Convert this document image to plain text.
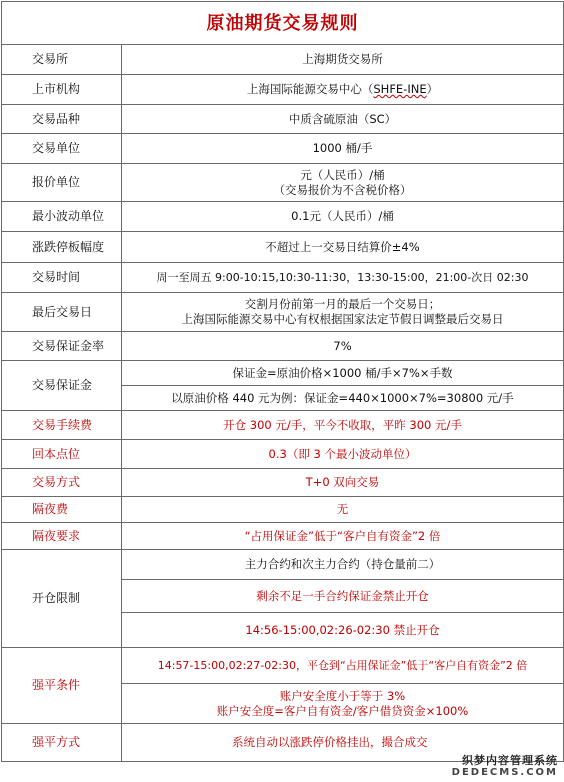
原油期货交易规则	
交易所	上海期货交易所
上市机构	上海国际能源交易中心（SHFE-INE）
交易品种	中质含硫原油（SC）
交易单位	1000 桶/手
报价单位	元（人民币）/桶
（交易报价为不含税价格）

最小波动单位	0.1元（人民币）/桶
涨跌停板幅度	不超过上一交易日结算价±4%
交易时间	周一至周五 9:00-10:15,10:30-11:30，13:30-15:00，21:00-次日 02:30
最后交易日	交割月份前第一月的最后一个交易日；
上海国际能源交易中心有权根据国家法定节假日调整最后交易日

交易保证金率	7%
交易保证金	保证金=原油价格×1000 桶/手×7%×手数
	以原油价格 440 元为例：保证金=440×1000×7%=30800 元/手
交易手续费	开仓 300 元/手，平今不收取，平昨 300 元/手
回本点位	0.3（即 3 个最小波动单位）
交易方式	T+0 双向交易
隔夜费	无
隔夜要求	“占用保证金”低于“客户自有资金”2 倍
开仓限制	主力合约和次主力合约（持仓量前二）
	剩余不足一手合约保证金禁止开仓
	14:56-15:00,02:26-02:30 禁止开仓
强平条件	14:57-15:00,02:27-02:30，平仓到“占用保证金”低于“客户自有资金”2 倍

	账户安全度小于等于 3%
账户安全度=客户自有资金/客户借贷资金×100%

强平方式	系统自动以涨跌停价格挂出，撮合成交
织梦内容管理系统
DEDECMS.COM
